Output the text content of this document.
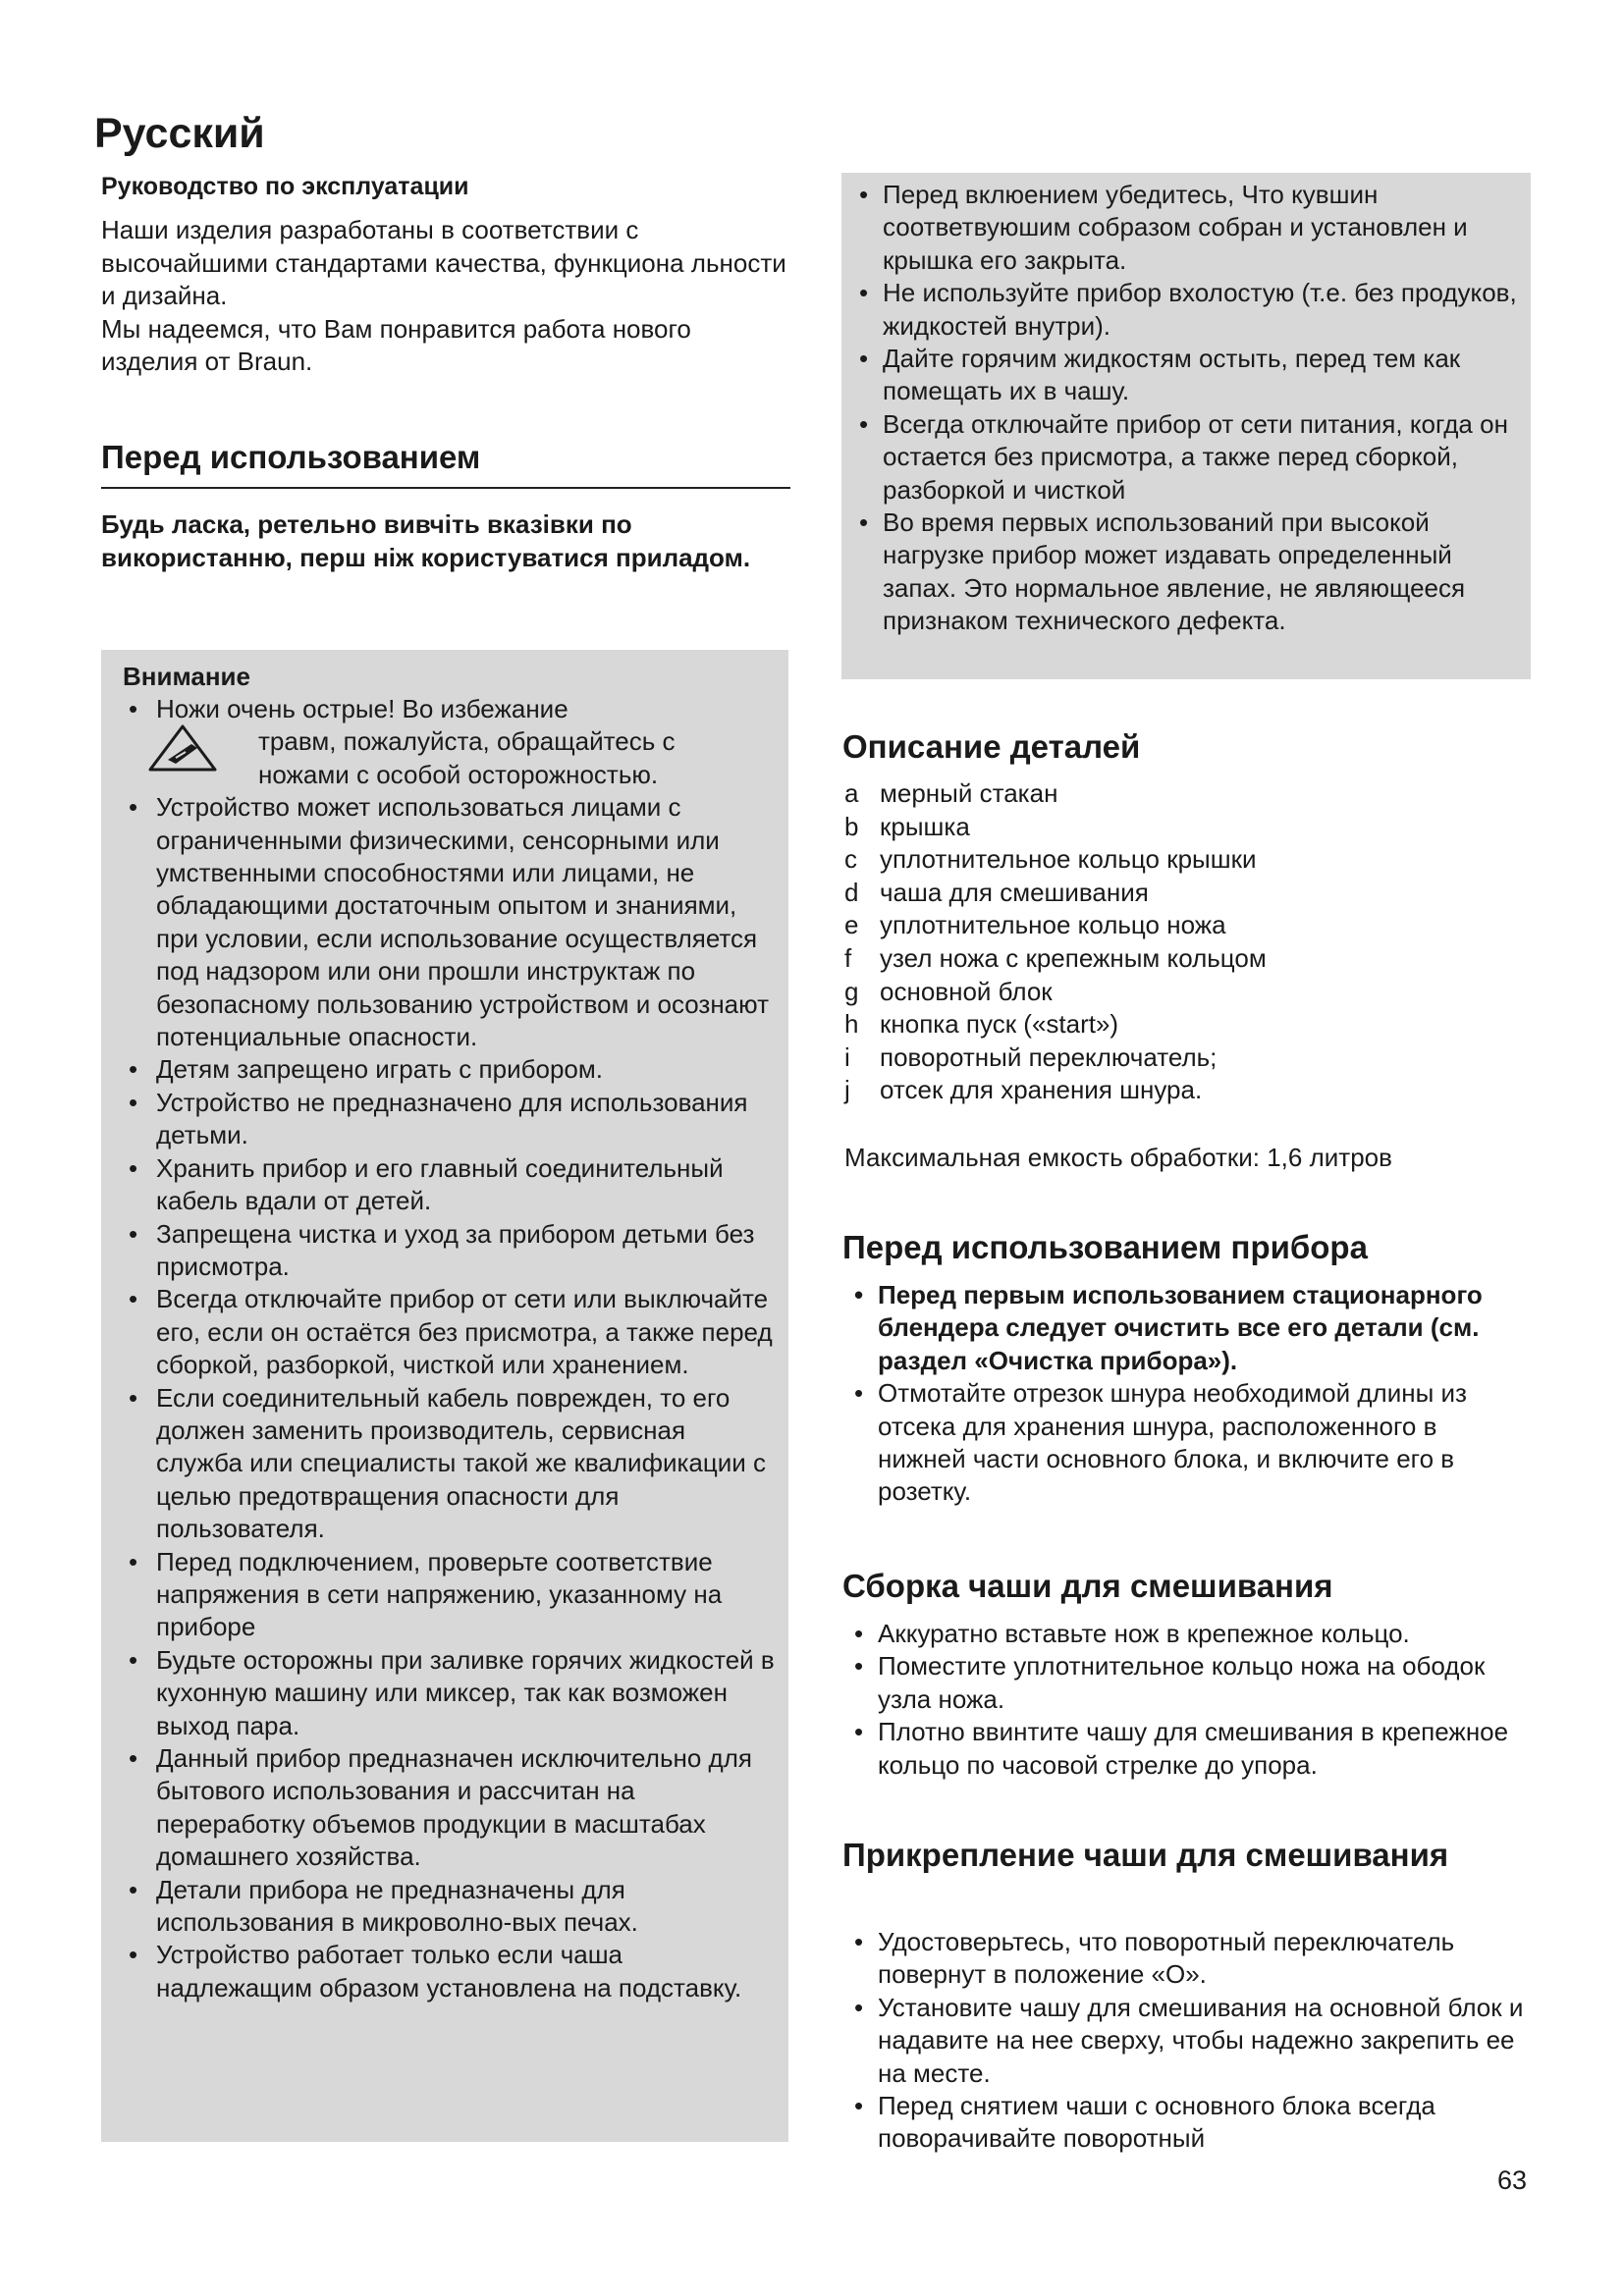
Русский
Руководство по эксплуатации

Наши изделия разработаны в соответствии с высочайшими стандартами качества, функциона льности и дизайна.

Мы надеемся, что Вам понравится работа нового изделия от Braun.

Перед использованием

Будь ласка, ретельно вивчіть вказівки по використанню, перш ніж користуватися приладом.

Внимание
• Ножи очень острые! Во избежание
травм, пожалуйста, обращайтесь с
ножами с особой осторожностью.
• Устройство может использоваться лицами с ограниченными физическими, сенсорными или умственными способностями или лицами, не обладающими достаточным опытом и знаниями, при условии, если использование осуществляется под надзором или они прошли инструктаж по безопасному пользованию устройством и осознают потенциальные опасности.
• Детям запрещено играть с прибором.
• Устройство не предназначено для использования детьми.
• Хранить прибор и его главный соединительный кабель вдали от детей.
• Запрещена чистка и уход за прибором детьми без присмотра.
• Всегда отключайте прибор от сети или выключайте его, если он остаётся без присмотра, а также перед сборкой, разборкой, чисткой или хранением.
• Если соединительный кабель поврежден, то его должен заменить производитель, сервисная служба или специалисты такой же квалификации с целью предотвращения опасности для пользователя.
• Перед подключением, проверьте соответствие напряжения в сети напряжению, указанному на приборе
• Будьте осторожны при заливке горячих жидкостей в кухонную машину или миксер, так как возможен выход пара.
• Данный прибор предназначен исключительно для бытового использования и рассчитан на переработку объемов продукции в масштабах домашнего хозяйства.
• Детали прибора не предназначены для использования в микроволно-вых печах.
• Устройство работает только если чаша надлежащим образом установлена на подставку.
• Перед вклюением убедитесь, Что кувшин соответвуюшим собразом собран и установлен и крышка его закрыта.
• Не используйте прибор вхолостую (т.е. без продуков, жидкостей внутри).
• Дайте горячим жидкостям остыть, перед тем как помещать их в чашу.
• Всегда отключайте прибор от сети питания, когда он остается без присмотра, а также перед сборкой, разборкой и чисткой
• Во время первых использований при высокой нагрузке прибор может издавать определенный запах. Это нормальное явление, не являющееся признаком технического дефекта.
Описание деталей
a мерный стакан
b крышка
c уплотнительное кольцо крышки
d чаша для смешивания
e уплотнительное кольцо ножа
f	узел ножа с крепежным кольцом
g основной блок
h кнопка пуск («start»)
i	поворотный переключатель;
j	отсек для хранения шнура.

Максимальная емкость обработки: 1,6 литров

Перед использованием прибора
• Перед первым использованием стационарного блендера следует очистить все его детали (см. раздел «Очистка прибора»).
• Отмотайте отрезок шнура необходимой длины из отсека для хранения шнура, расположенного в нижней части основного блока, и включите его в розетку.
Сборка чаши для смешивания
• Аккуратно вставьте нож в крепежное кольцо.
• Поместите уплотнительное кольцо ножа на ободок узла ножа.
• Плотно ввинтите чашу для смешивания в крепежное кольцо по часовой стрелке до упора.
Прикрепление чаши для смешивания
• Удостоверьтесь, что поворотный переключатель повернут в положение «O».
• Установите чашу для смешивания на основной блок и надавите на нее сверху, чтобы надежно закрепить ее на месте.
• Перед снятием чаши с основного блока всегда поворачивайте поворотный

63
